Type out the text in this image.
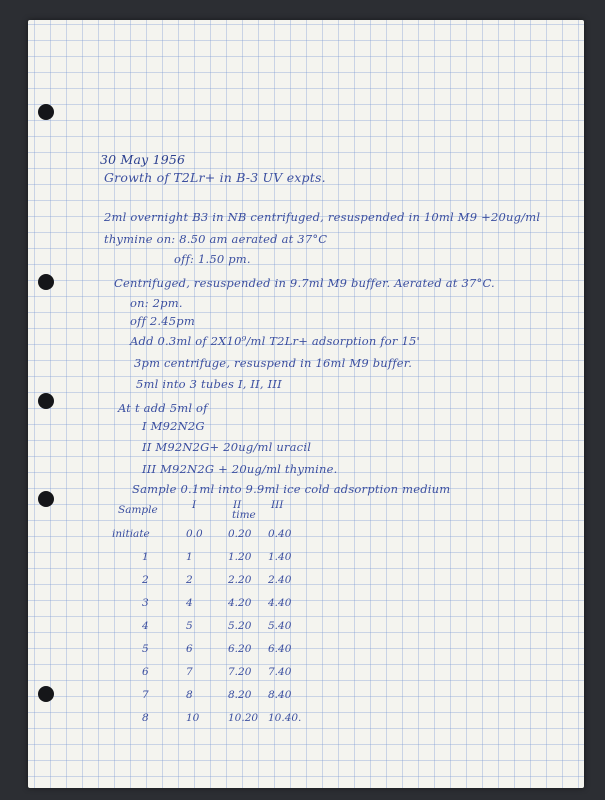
30 May 1956
Growth of T2Lr+ in B-3 UV expts.
2ml overnight B3 in NB centrifuged, resuspended in 10ml M9 +20ug/ml
thymine on: 8.50 am aerated at 37°C
off: 1.50 pm.
Centrifuged, resuspended in 9.7ml M9 buffer. Aerated at 37°C.
on: 2pm.
off 2.45pm
Add 0.3ml of 2X10⁹/ml T2Lr+ adsorption for 15'
3pm centrifuge, resuspend in 16ml M9 buffer.
5ml into 3 tubes I, II, III
At t add 5ml of
I M92N2G
II M92N2G+ 20ug/ml uracil
III M92N2G + 20ug/ml thymine.
Sample 0.1ml into 9.9ml ice cold adsorption medium
Sample	I	II	III
time
initiate	0.0 0.20 0.40
1	1	1.20 1.40
2	2	2.20 2.40
3	4	4.20 4.40
4	5	5.20 5.40
5	6	6.20 6.40
6	7	7.20 7.40
7	8	8.20 8.40
8	10	10.20 10.40.
